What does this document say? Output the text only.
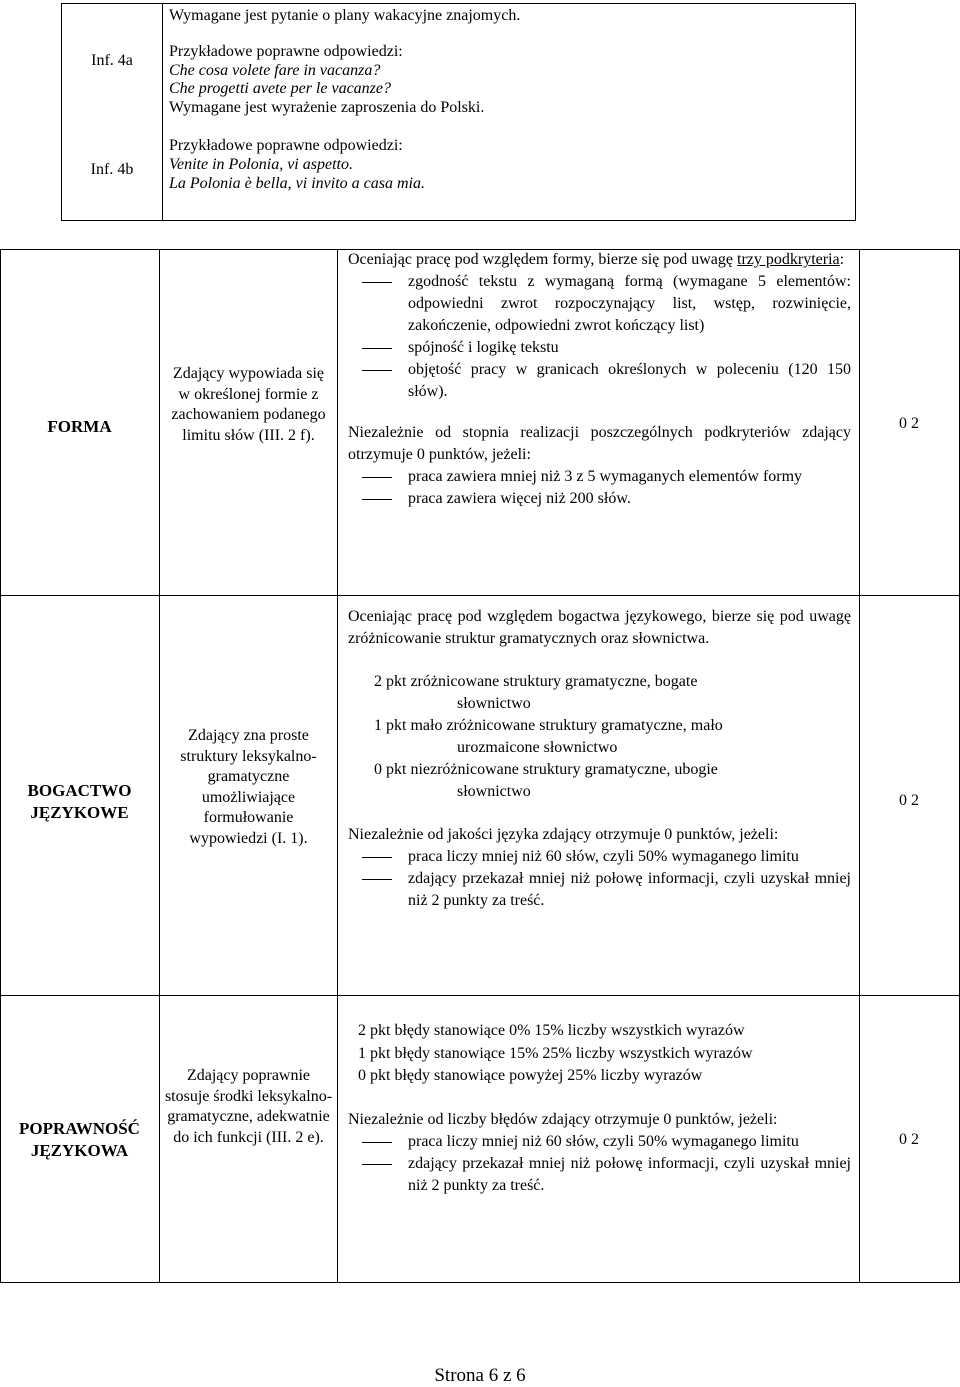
Inf. 4a
Inf. 4b
Wymagane jest pytanie o plany wakacyjne znajomych.
Przykładowe poprawne odpowiedzi:
Che cosa volete fare in vacanza?
Che progetti avete per le vacanze?
Wymagane jest wyrażenie zaproszenia do Polski.
Przykładowe poprawne odpowiedzi:
Venite in Polonia, vi aspetto.
La Polonia è bella, vi invito a casa mia.
FORMA
Zdający wypowiada się w określonej formie z zachowaniem podanego limitu słów (III. 2 f).

Oceniając pracę pod względem formy, bierze się pod uwagę trzy podkryteria:

zgodność tekstu z wymaganą formą (wymagane 5 elementów: odpowiedni zwrot rozpoczynający list, wstęp, rozwinięcie, zakończenie, odpowiedni zwrot kończący list)
spójność i logikę tekstu
objętość pracy w granicach określonych w poleceniu (120 150 słów).

Niezależnie od stopnia realizacji poszczególnych podkryteriów zdający otrzymuje 0 punktów, jeżeli:

praca zawiera mniej niż 3 z 5 wymaganych elementów formy
praca zawiera więcej niż 200 słów.
0 2
BOGACTWO
JĘZYKOWE
Zdający zna proste struktury leksykalno-gramatyczne umożliwiające formułowanie wypowiedzi (I. 1).

Oceniając pracę pod względem bogactwa językowego, bierze się pod uwagę zróżnicowanie struktur gramatycznych oraz słownictwa.

2 pkt zróżnicowane struktury gramatyczne, bogate
słownictwo
1 pkt mało zróżnicowane struktury gramatyczne, mało
urozmaicone słownictwo
0 pkt niezróżnicowane struktury gramatyczne, ubogie
słownictwo

Niezależnie od jakości języka zdający otrzymuje 0 punktów, jeżeli:

praca liczy mniej niż 60 słów, czyli 50% wymaganego limitu
zdający przekazał mniej niż połowę informacji, czyli uzyskał mniej niż 2 punkty za treść.
0 2
POPRAWNOŚĆ
JĘZYKOWA
Zdający poprawnie stosuje środki leksykalno-gramatyczne, adekwatnie do ich funkcji (III. 2 e).
2 pkt błędy stanowiące 0% 15% liczby wszystkich wyrazów
1 pkt błędy stanowiące 15% 25% liczby wszystkich wyrazów
0 pkt błędy stanowiące powyżej 25% liczby wyrazów

Niezależnie od liczby błędów zdający otrzymuje 0 punktów, jeżeli:

praca liczy mniej niż 60 słów, czyli 50% wymaganego limitu
zdający przekazał mniej niż połowę informacji, czyli uzyskał mniej niż 2 punkty za treść.
0 2
Strona 6 z 6
